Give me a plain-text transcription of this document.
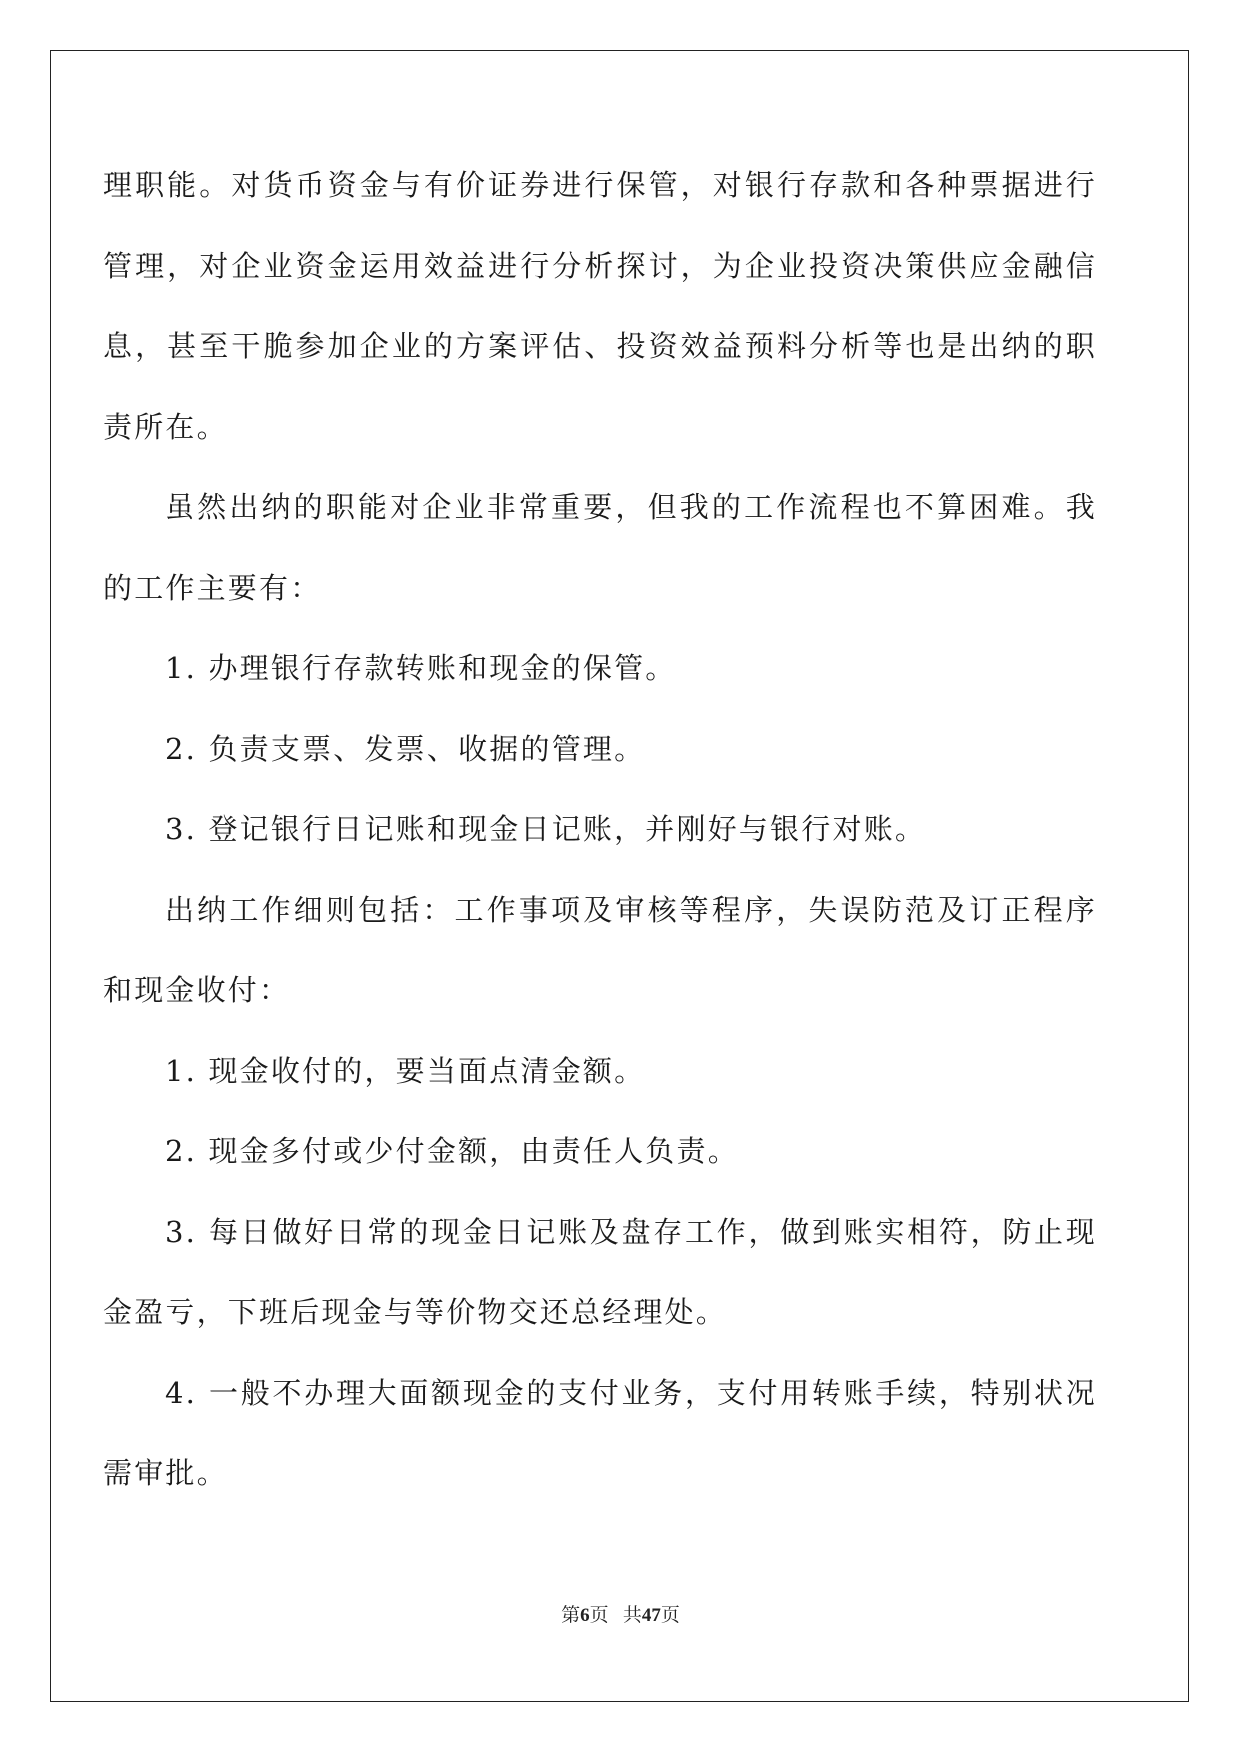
理职能。对货币资金与有价证券进行保管，对银行存款和各种票据进行管理，对企业资金运用效益进行分析探讨，为企业投资决策供应金融信息，甚至干脆参加企业的方案评估、投资效益预料分析等也是出纳的职责所在。

虽然出纳的职能对企业非常重要，但我的工作流程也不算困难。我的工作主要有：

1. 办理银行存款转账和现金的保管。

2. 负责支票、发票、收据的管理。

3. 登记银行日记账和现金日记账，并刚好与银行对账。

出纳工作细则包括：工作事项及审核等程序，失误防范及订正程序和现金收付：

1. 现金收付的，要当面点清金额。

2. 现金多付或少付金额，由责任人负责。

3. 每日做好日常的现金日记账及盘存工作，做到账实相符，防止现金盈亏，下班后现金与等价物交还总经理处。

4. 一般不办理大面额现金的支付业务，支付用转账手续，特别状况需审批。

第6页 共47页
